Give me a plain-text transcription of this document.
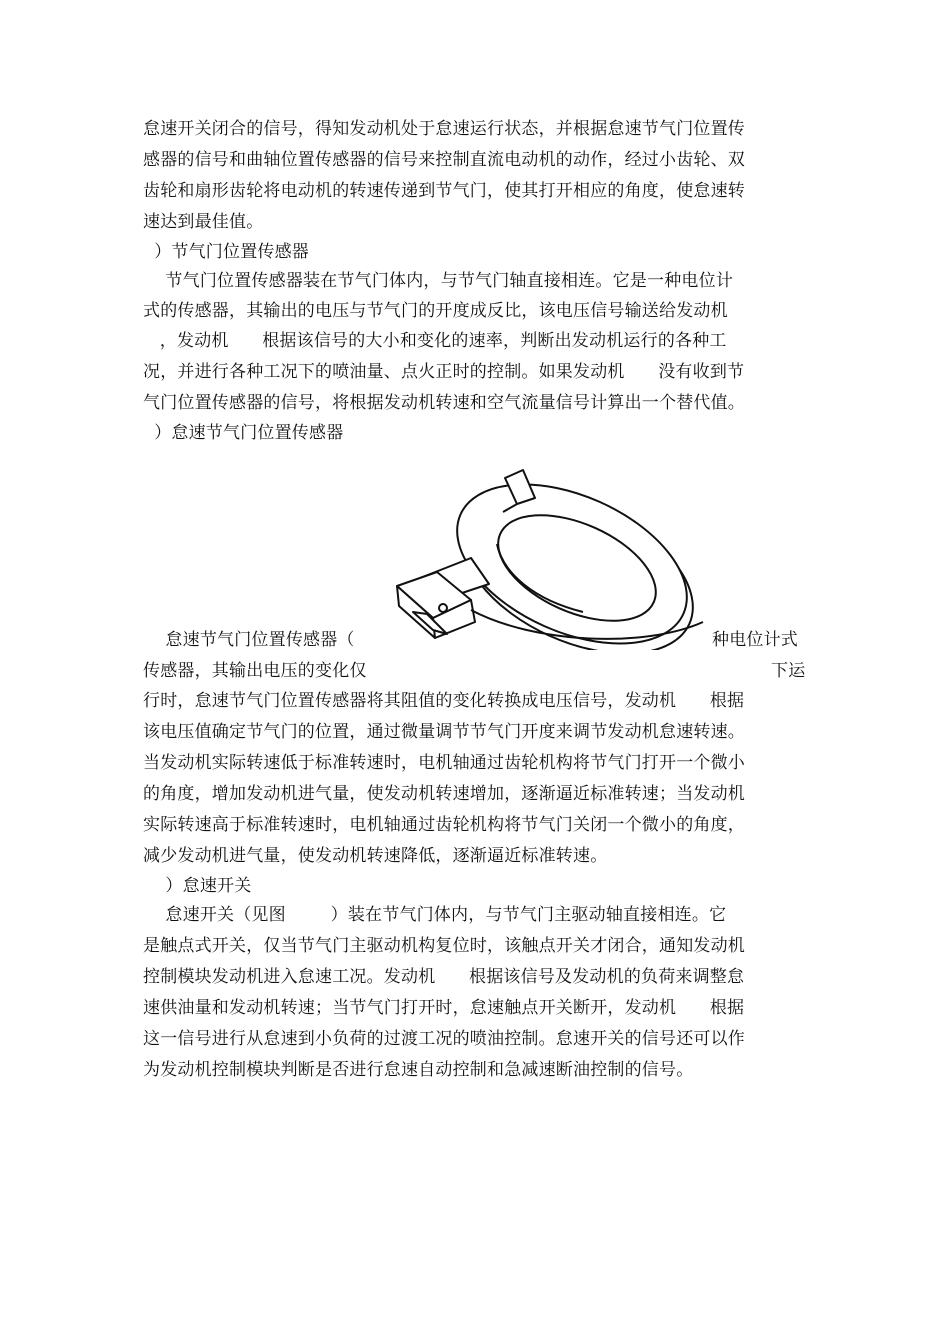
怠速开关闭合的信号，得知发动机处于怠速运行状态，并根据怠速节气门位置传
感器的信号和曲轴位置传感器的信号来控制直流电动机的动作，经过小齿轮、双
齿轮和扇形齿轮将电动机的转速传递到节气门，使其打开相应的角度，使怠速转
速达到最佳值。
）节气门位置传感器
节气门位置传感器装在节气门体内，与节气门轴直接相连。它是一种电位计
式的传感器，其输出的电压与节气门的开度成反比，该电压信号输送给发动机
，发动机      根据该信号的大小和变化的速率，判断出发动机运行的各种工
况，并进行各种工况下的喷油量、点火正时的控制。如果发动机      没有收到节
气门位置传感器的信号，将根据发动机转速和空气流量信号计算出一个替代值。
）怠速节气门位置传感器
怠速节气门位置传感器（	种电位计式
传感器，其输出电压的变化仅	下运
行时，怠速节气门位置传感器将其阻值的变化转换成电压信号，发动机      根据
该电压值确定节气门的位置，通过微量调节节气门开度来调节发动机怠速转速。
当发动机实际转速低于标准转速时，电机轴通过齿轮机构将节气门打开一个微小
的角度，增加发动机进气量，使发动机转速增加，逐渐逼近标准转速；当发动机
实际转速高于标准转速时，电机轴通过齿轮机构将节气门关闭一个微小的角度，
减少发动机进气量，使发动机转速降低，逐渐逼近标准转速。
）怠速开关
怠速开关（见图        ）装在节气门体内，与节气门主驱动轴直接相连。它
是触点式开关，仅当节气门主驱动机构复位时，该触点开关才闭合，通知发动机
控制模块发动机进入怠速工况。发动机      根据该信号及发动机的负荷来调整怠
速供油量和发动机转速；当节气门打开时，怠速触点开关断开，发动机      根据
这一信号进行从怠速到小负荷的过渡工况的喷油控制。怠速开关的信号还可以作
为发动机控制模块判断是否进行怠速自动控制和急减速断油控制的信号。
